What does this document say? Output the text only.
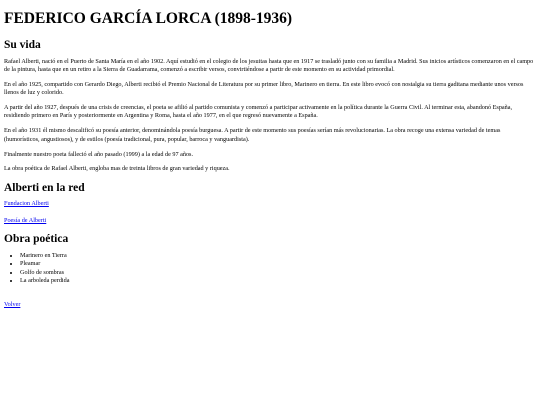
FEDERICO GARCÍA LORCA (1898-1936)
Su vida

Rafael Alberti, nació en el Puerto de Santa María en el año 1902. Aquí estudió en el colegio de los jesuitas hasta que en 1917 se trasladó junto con su familia a Madrid. Sus inicios artísticos comenzaron en el campo de la pintura, hasta que en un retiro a la Sierra de Guadarrama, comenzó a escribir versos, convirtiéndose a partir de este momento en su actividad primordial.

En el año 1925, compartido con Gerardo Diego, Alberti recibió el Premio Nacional de Literatura por su primer libro, Marinero en tierra. En este libro evocó con nostalgia su tierra gaditana mediante unos versos llenos de luz y colorido.

A partir del año 1927, después de una crisis de creencias, el poeta se afilió al partido comunista y comenzó a participar activamente en la política durante la Guerra Civil. Al terminar esta, abandonó España, residiendo primero en París y posteriormente en Argentina y Roma, hasta el año 1977, en el que regresó nuevamente a España.

En el año 1931 él mismo descalificó su poesía anterior, denominándola poesía burguesa. A partir de este momento sus poesías serían más revolucionarias. La obra recoge una extensa variedad de temas (humorísticos, angustiosos), y de estilos (poesía tradicional, pura, popular, barroca y vanguardista).

Finalmente nuestro poeta falleció el año pasado (1999) a la edad de 97 años.

La obra poética de Rafael Alberti, engloba mas de treinta libros de gran variedad y riqueza.

Alberti en la red

Fundacion Alberti

Poesía de Alberti

Obra poética
• Marinero en Tierra
• Pleamar
• Golfo de sombras
• La arboleda perdida
Volver
